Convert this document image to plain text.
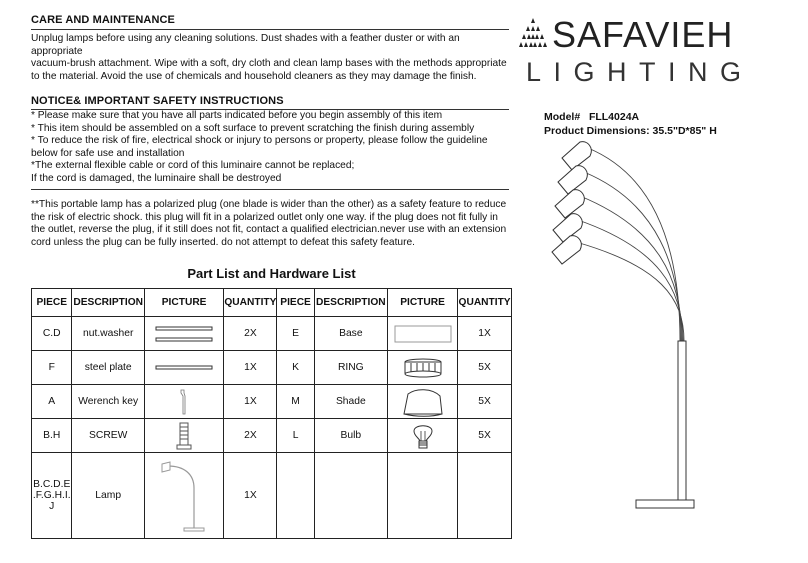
CARE AND MAINTENANCE
Unplug lamps before using any cleaning solutions. Dust shades with a feather duster or with an
appropriate
vacuum-brush attachment. Wipe with a soft, dry cloth and clean lamp bases with the methods appropriate
to the material. Avoid the use of chemicals and household cleaners as they may damage the finish.
NOTICE& IMPORTANT SAFETY INSTRUCTIONS
* Please make sure that you have all parts indicated before you begin assembly of this item
* This item should be assembled on a soft surface to prevent scratching the finish during assembly
* To reduce the risk of fire, electrical shock or injury to persons or property, please follow the guideline
below for safe use and installation
*The external flexible cable or cord of this luminaire cannot be replaced;
If the cord is damaged, the luminaire shall be destroyed
**This portable lamp has a polarized plug (one blade is wider than the other) as a safety feature to reduce
the risk of electric shock. this plug will fit in a polarized outlet only one way. if the plug does not fit fully in
the outlet, reverse the plug, if it still does not fit, contact a qualified electrician.never use with an extension
cord unless the plug can be fully inserted. do not attempt to defeat this safety feature.
SAFAVIEH
LIGHTING
Model# FLL4024A
Product Dimensions: 35.5"D*85" H
Part List and Hardware List
PIECE	DESCRIPTION	PICTURE	QUANTITY	PIECE	DESCRIPTION	PICTURE	QUANTITY
C.D	nut.washer		2X	E	Base		1X
F	steel plate		1X	K	RING		5X
A	Werench key		1X	M	Shade		5X
B.H	SCREW		2X	L	Bulb		5X

B.C.D.E
.F.G.H.I.
J	Lamp		1X				
